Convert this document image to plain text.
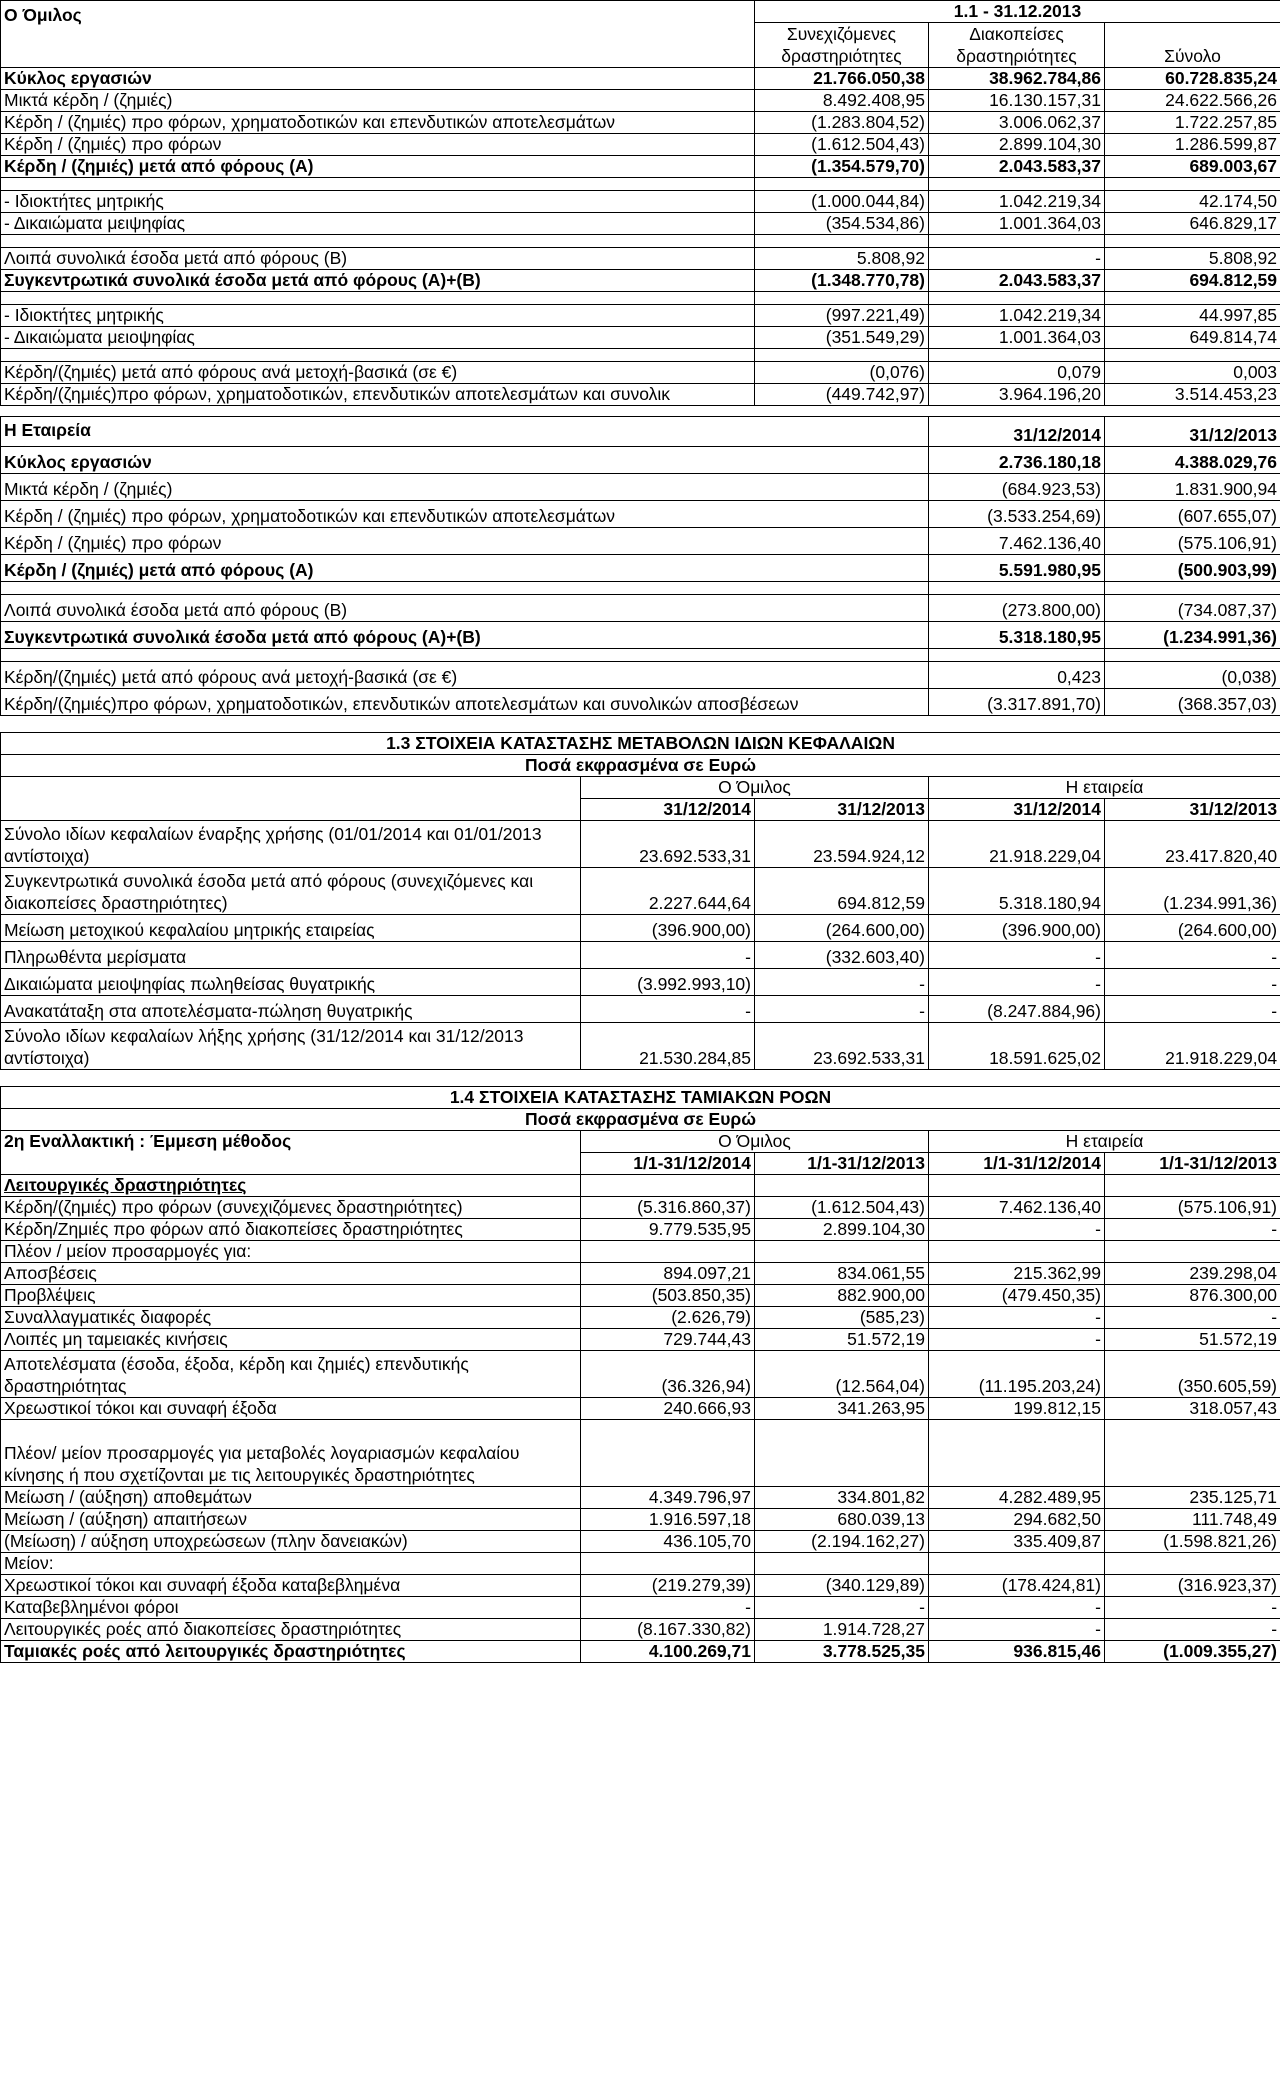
Ο Όμιλος	1.1 - 31.12.2013		
	Συνεχιζόμενες δραστηριότητες	Διακοπείσες δραστηριότητες	Σύνολο

Κύκλος εργασιών	21.766.050,38	38.962.784,86	60.728.835,24
Μικτά κέρδη / (ζημιές)	8.492.408,95	16.130.157,31	24.622.566,26
Κέρδη / (ζημιές) προ φόρων, χρηματοδοτικών και επενδυτικών αποτελεσμάτων	(1.283.804,52)	3.006.062,37	1.722.257,85
Κέρδη / (ζημιές) προ φόρων	(1.612.504,43)	2.899.104,30	1.286.599,87
Κέρδη / (ζημιές) μετά από φόρους (Α)	(1.354.579,70)	2.043.583,37	689.003,67

- Ιδιοκτήτες μητρικής	(1.000.044,84)	1.042.219,34	42.174,50
- Δικαιώματα μειψηφίας	(354.534,86)	1.001.364,03	646.829,17

Λοιπά συνολικά έσοδα μετά από φόρους (Β)	5.808,92	-	5.808,92
Συγκεντρωτικά συνολικά έσοδα μετά από φόρους (Α)+(Β)	(1.348.770,78)	2.043.583,37	694.812,59

- Ιδιοκτήτες μητρικής	(997.221,49)	1.042.219,34	44.997,85
- Δικαιώματα μειοψηφίας	(351.549,29)	1.001.364,03	649.814,74

Κέρδη/(ζημιές) μετά από φόρους ανά μετοχή-βασικά (σε €)	(0,076)	0,079	0,003
Κέρδη/(ζημιές)προ φόρων, χρηματοδοτικών, επενδυτικών αποτελεσμάτων και συνολικ	(449.742,97)	3.964.196,20	3.514.453,23
Η Εταιρεία	31/12/2014	31/12/2013
Κύκλος εργασιών	2.736.180,18	4.388.029,76
Μικτά κέρδη / (ζημιές)	(684.923,53)	1.831.900,94
Κέρδη / (ζημιές) προ φόρων, χρηματοδοτικών και επενδυτικών αποτελεσμάτων	(3.533.254,69)	(607.655,07)
Κέρδη / (ζημιές) προ φόρων	7.462.136,40	(575.106,91)
Κέρδη / (ζημιές) μετά από φόρους (Α)	5.591.980,95	(500.903,99)

Λοιπά συνολικά έσοδα μετά από φόρους (Β)	(273.800,00)	(734.087,37)
Συγκεντρωτικά συνολικά έσοδα μετά από φόρους (Α)+(Β)	5.318.180,95	(1.234.991,36)

Κέρδη/(ζημιές) μετά από φόρους ανά μετοχή-βασικά (σε €)	0,423	(0,038)
Κέρδη/(ζημιές)προ φόρων, χρηματοδοτικών, επενδυτικών αποτελεσμάτων και συνολικών αποσβέσεων	(3.317.891,70)	(368.357,03)
1.3 ΣΤΟΙΧΕΙΑ ΚΑΤΑΣΤΑΣΗΣ ΜΕΤΑΒΟΛΩΝ ΙΔΙΩΝ ΚΕΦΑΛΑΙΩΝ				
Ποσά εκφρασμένα σε Ευρώ				
	Ο Όμιλος		Η εταιρεία	
	31/12/2014	31/12/2013	31/12/2014	31/12/2013
Σύνολο ιδίων κεφαλαίων έναρξης χρήσης (01/01/2014 και 01/01/2013 αντίστοιχα)	23.692.533,31	23.594.924,12	21.918.229,04	23.417.820,40
Συγκεντρωτικά συνολικά έσοδα μετά από φόρους (συνεχιζόμενες και διακοπείσες δραστηριότητες)	2.227.644,64	694.812,59	5.318.180,94	(1.234.991,36)
Μείωση μετοχικού κεφαλαίου μητρικής εταιρείας	(396.900,00)	(264.600,00)	(396.900,00)	(264.600,00)
Πληρωθέντα μερίσματα	-	(332.603,40)	-	-
Δικαιώματα μειοψηφίας πωληθείσας θυγατρικής	(3.992.993,10)	-	-	-
Ανακατάταξη στα αποτελέσματα-πώληση θυγατρικής	-	-	(8.247.884,96)	-
Σύνολο ιδίων κεφαλαίων λήξης χρήσης (31/12/2014 και 31/12/2013 αντίστοιχα)	21.530.284,85	23.692.533,31	18.591.625,02	21.918.229,04
1.4 ΣΤΟΙΧΕΙΑ ΚΑΤΑΣΤΑΣΗΣ ΤΑΜΙΑΚΩΝ ΡΟΩΝ				
Ποσά εκφρασμένα σε Ευρώ				
2η Εναλλακτική : Έμμεση μέθοδος	Ο Όμιλος		Η εταιρεία	
	1/1-31/12/2014	1/1-31/12/2013	1/1-31/12/2014	1/1-31/12/2013
Λειτουργικές δραστηριότητες				
Κέρδη/(ζημιές) προ φόρων (συνεχιζόμενες δραστηριότητες)	(5.316.860,37)	(1.612.504,43)	7.462.136,40	(575.106,91)
Κέρδη/Ζημιές προ φόρων από διακοπείσες δραστηριότητες	9.779.535,95	2.899.104,30	-	-
Πλέον / μείον προσαρμογές για:				
Αποσβέσεις	894.097,21	834.061,55	215.362,99	239.298,04
Προβλέψεις	(503.850,35)	882.900,00	(479.450,35)	876.300,00
Συναλλαγματικές διαφορές	(2.626,79)	(585,23)	-	-
Λοιπές μη ταμειακές κινήσεις	729.744,43	51.572,19	-	51.572,19
Αποτελέσματα (έσοδα, έξοδα, κέρδη και ζημιές) επενδυτικής δραστηριότητας	(36.326,94)	(12.564,04)	(11.195.203,24)	(350.605,59)
Χρεωστικοί τόκοι και συναφή έξοδα	240.666,93	341.263,95	199.812,15	318.057,43
Πλέον/ μείον προσαρμογές για μεταβολές λογαριασμών κεφαλαίου κίνησης ή που σχετίζονται με τις λειτουργικές δραστηριότητες				
Μείωση / (αύξηση) αποθεμάτων	4.349.796,97	334.801,82	4.282.489,95	235.125,71
Μείωση / (αύξηση) απαιτήσεων	1.916.597,18	680.039,13	294.682,50	111.748,49
(Μείωση) / αύξηση υποχρεώσεων (πλην δανειακών)	436.105,70	(2.194.162,27)	335.409,87	(1.598.821,26)
Μείον:				
Χρεωστικοί τόκοι και συναφή έξοδα καταβεβλημένα	(219.279,39)	(340.129,89)	(178.424,81)	(316.923,37)
Καταβεβλημένοι φόροι	-	-	-	-
Λειτουργικές ροές από διακοπείσες δραστηριότητες	(8.167.330,82)	1.914.728,27	-	-
Ταμιακές ροές από λειτουργικές δραστηριότητες	4.100.269,71	3.778.525,35	936.815,46	(1.009.355,27)
